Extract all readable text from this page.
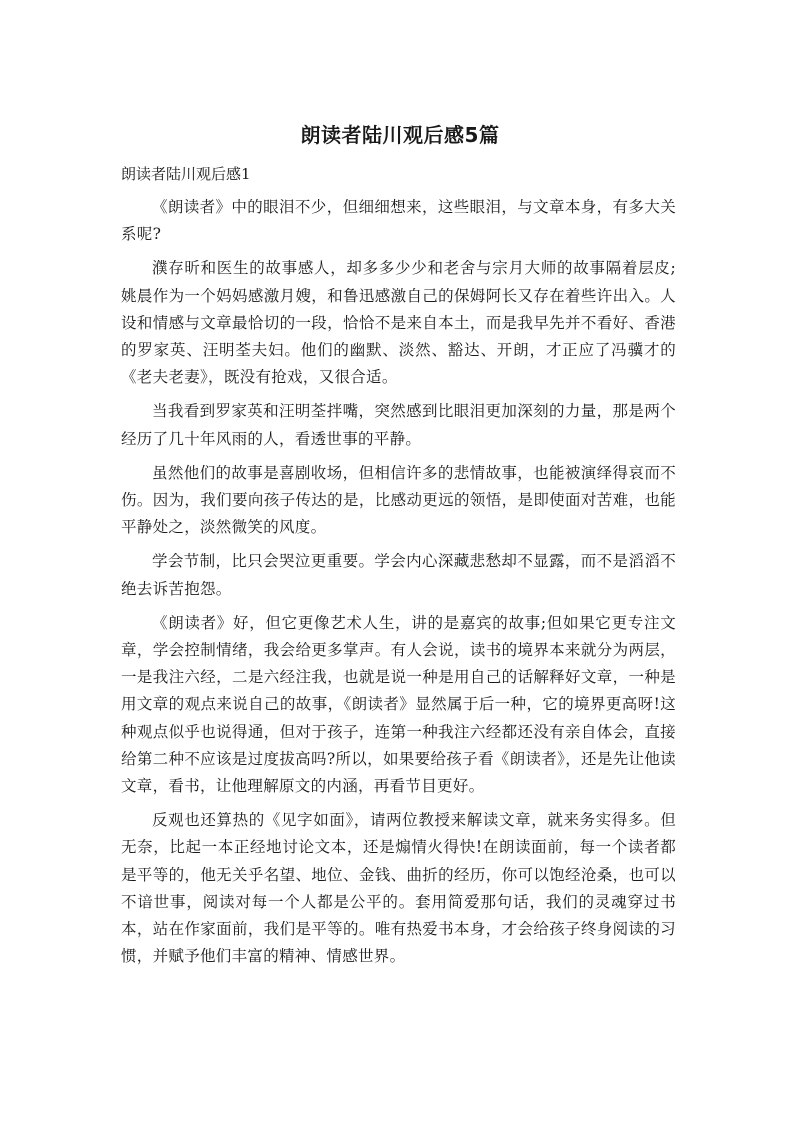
朗读者陆川观后感5篇

朗读者陆川观后感1

《朗读者》中的眼泪不少，但细细想来，这些眼泪，与文章本身，有多大关系呢?

濮存昕和医生的故事感人，却多多少少和老舍与宗月大师的故事隔着层皮;姚晨作为一个妈妈感激月嫂，和鲁迅感激自己的保姆阿长又存在着些许出入。人设和情感与文章最恰切的一段，恰恰不是来自本土，而是我早先并不看好、香港的罗家英、汪明荃夫妇。他们的幽默、淡然、豁达、开朗，才正应了冯骥才的《老夫老妻》，既没有抢戏，又很合适。

当我看到罗家英和汪明荃拌嘴，突然感到比眼泪更加深刻的力量，那是两个经历了几十年风雨的人，看透世事的平静。

虽然他们的故事是喜剧收场，但相信许多的悲情故事，也能被演绎得哀而不伤。因为，我们要向孩子传达的是，比感动更远的领悟，是即使面对苦难，也能平静处之，淡然微笑的风度。

学会节制，比只会哭泣更重要。学会内心深藏悲愁却不显露，而不是滔滔不绝去诉苦抱怨。

《朗读者》好，但它更像艺术人生，讲的是嘉宾的故事;但如果它更专注文章，学会控制情绪，我会给更多掌声。有人会说，读书的境界本来就分为两层，一是我注六经，二是六经注我，也就是说一种是用自己的话解释好文章，一种是用文章的观点来说自己的故事，《朗读者》显然属于后一种，它的境界更高呀!这种观点似乎也说得通，但对于孩子，连第一种我注六经都还没有亲自体会，直接给第二种不应该是过度拔高吗?所以，如果要给孩子看《朗读者》，还是先让他读文章，看书，让他理解原文的内涵，再看节目更好。

反观也还算热的《见字如面》，请两位教授来解读文章，就来务实得多。但无奈，比起一本正经地讨论文本，还是煽情火得快!在朗读面前，每一个读者都是平等的，他无关乎名望、地位、金钱、曲折的经历，你可以饱经沧桑，也可以不谙世事，阅读对每一个人都是公平的。套用简爱那句话，我们的灵魂穿过书本，站在作家面前，我们是平等的。唯有热爱书本身，才会给孩子终身阅读的习惯，并赋予他们丰富的精神、情感世界。
